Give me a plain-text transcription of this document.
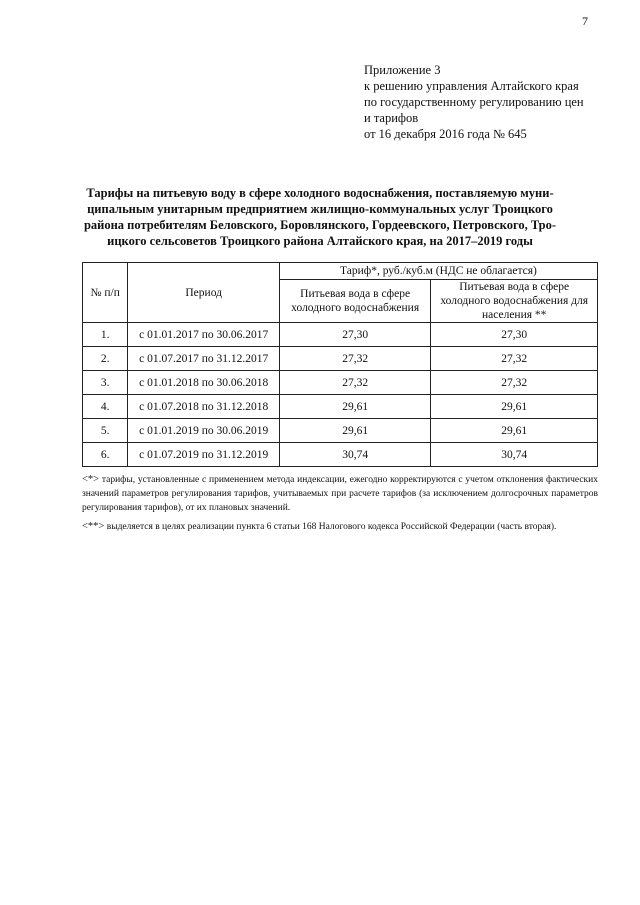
7
Приложение 3
к решению управления Алтайского края
по государственному регулированию цен
и тарифов
от 16 декабря 2016 года № 645
Тарифы на питьевую воду в сфере холодного водоснабжения, поставляемую муни-
ципальным унитарным предприятием жилищно-коммунальных услуг Троицкого
района потребителям Беловского, Боровлянского, Гордеевского, Петровского, Тро-
ицкого сельсоветов Троицкого района Алтайского края, на 2017–2019 годы
№ п/п	Период	Тариф*, руб./куб.м (НДС не облагается)	
		Питьевая вода в сфере холодного водоснабжения	Питьевая вода в сфере холодного водоснабжения для населения **
1.	с 01.01.2017 по 30.06.2017	27,30	27,30
2.	с 01.07.2017 по 31.12.2017	27,32	27,32
3.	с 01.01.2018 по 30.06.2018	27,32	27,32
4.	с 01.07.2018 по 31.12.2018	29,61	29,61
5.	с 01.01.2019 по 30.06.2019	29,61	29,61
6.	с 01.07.2019 по 31.12.2019	30,74	30,74

<*> тарифы, установленные с применением метода индексации, ежегодно корректируются с учетом отклонения фактических значений параметров регулирования тарифов, учитываемых при расчете тарифов (за исключением долгосрочных параметров регулирования тарифов), от их плановых значений.

<**> выделяется в целях реализации пункта 6 статьи 168 Налогового кодекса Российской Федерации (часть вторая).
